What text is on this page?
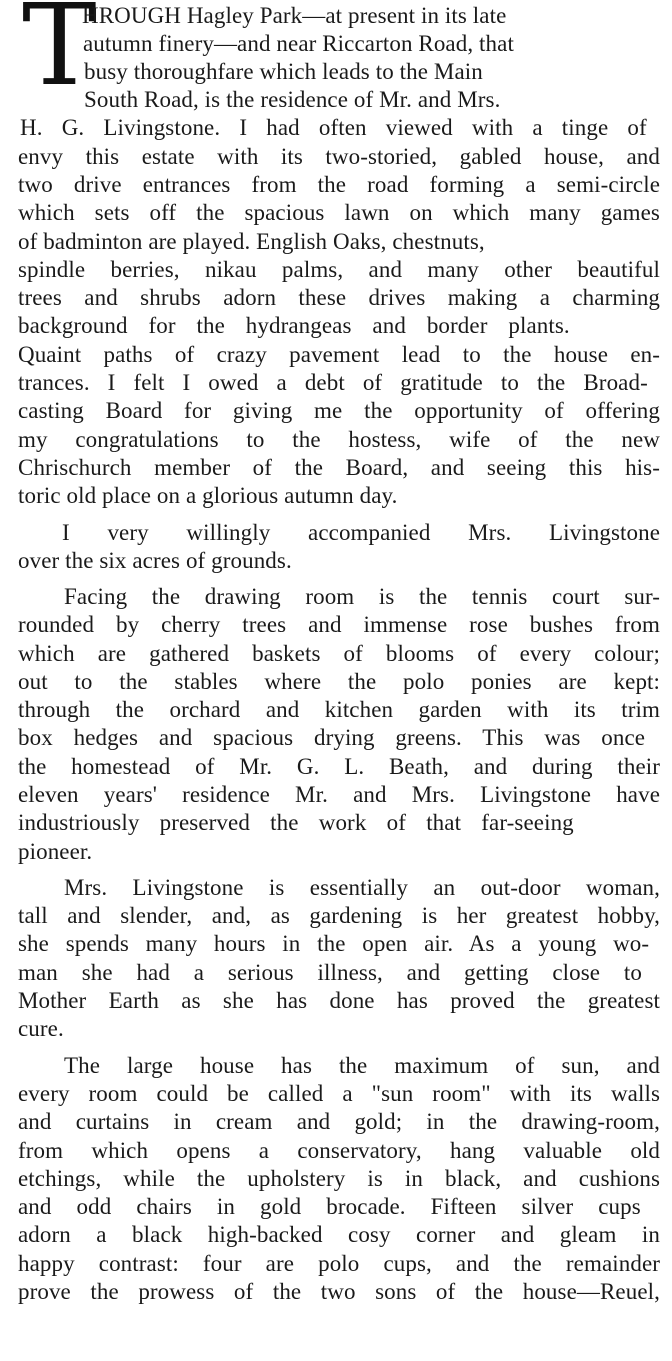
T
HROUGH Hagley Park—at present in its late
autumn finery—and near Riccarton Road, that
busy thoroughfare which leads to the Main
South Road, is the residence of Mr. and Mrs.
H. G. Livingstone. I had often viewed with a tinge of
envy this estate with its two-storied, gabled house, and
two drive entrances from the road forming a semi-circle
which sets off the spacious lawn on which many games
of badminton are played. English Oaks, chestnuts,
spindle berries, nikau palms, and many other beautiful
trees and shrubs adorn these drives making a charming
background for the hydrangeas and border plants.
Quaint paths of crazy pavement lead to the house en-
trances. I felt I owed a debt of gratitude to the Broad-
casting Board for giving me the opportunity of offering
my congratulations to the hostess, wife of the new
Chrischurch member of the Board, and seeing this his-
toric old place on a glorious autumn day.
I very willingly accompanied Mrs. Livingstone
over the six acres of grounds.
Facing the drawing room is the tennis court sur-
rounded by cherry trees and immense rose bushes from
which are gathered baskets of blooms of every colour;
out to the stables where the polo ponies are kept:
through the orchard and kitchen garden with its trim
box hedges and spacious drying greens. This was once
the homestead of Mr. G. L. Beath, and during their
eleven years' residence Mr. and Mrs. Livingstone have
industriously preserved the work of that far-seeing
pioneer.
Mrs. Livingstone is essentially an out-door woman,
tall and slender, and, as gardening is her greatest hobby,
she spends many hours in the open air. As a young wo-
man she had a serious illness, and getting close to
Mother Earth as she has done has proved the greatest
cure.
The large house has the maximum of sun, and
every room could be called a "sun room" with its walls
and curtains in cream and gold; in the drawing-room,
from which opens a conservatory, hang valuable old
etchings, while the upholstery is in black, and cushions
and odd chairs in gold brocade. Fifteen silver cups
adorn a black high-backed cosy corner and gleam in
happy contrast: four are polo cups, and the remainder
prove the prowess of the two sons of the house—Reuel,
